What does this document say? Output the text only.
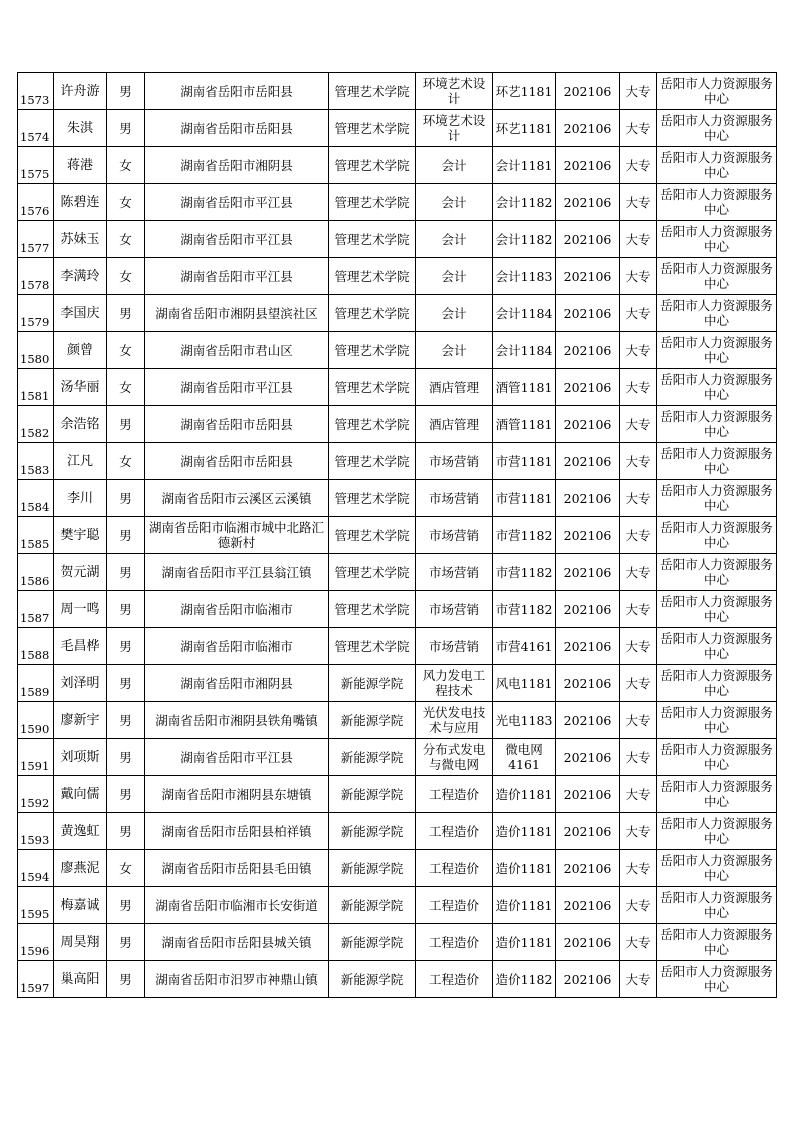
1573	许舟游	男	湖南省岳阳市岳阳县	管理艺术学院	环境艺术设计	环艺1181	202106	大专	岳阳市人力资源服务中心
1574	朱淇	男	湖南省岳阳市岳阳县	管理艺术学院	环境艺术设计	环艺1181	202106	大专	岳阳市人力资源服务中心
1575	蒋港	女	湖南省岳阳市湘阴县	管理艺术学院	会计	会计1181	202106	大专	岳阳市人力资源服务中心
1576	陈碧连	女	湖南省岳阳市平江县	管理艺术学院	会计	会计1182	202106	大专	岳阳市人力资源服务中心
1577	苏妹玉	女	湖南省岳阳市平江县	管理艺术学院	会计	会计1182	202106	大专	岳阳市人力资源服务中心
1578	李满玲	女	湖南省岳阳市平江县	管理艺术学院	会计	会计1183	202106	大专	岳阳市人力资源服务中心
1579	李国庆	男	湖南省岳阳市湘阴县望滨社区	管理艺术学院	会计	会计1184	202106	大专	岳阳市人力资源服务中心
1580	颜曾	女	湖南省岳阳市君山区	管理艺术学院	会计	会计1184	202106	大专	岳阳市人力资源服务中心
1581	汤华丽	女	湖南省岳阳市平江县	管理艺术学院	酒店管理	酒管1181	202106	大专	岳阳市人力资源服务中心
1582	余浩铭	男	湖南省岳阳市岳阳县	管理艺术学院	酒店管理	酒管1181	202106	大专	岳阳市人力资源服务中心
1583	江凡	女	湖南省岳阳市岳阳县	管理艺术学院	市场营销	市营1181	202106	大专	岳阳市人力资源服务中心
1584	李川	男	湖南省岳阳市云溪区云溪镇	管理艺术学院	市场营销	市营1181	202106	大专	岳阳市人力资源服务中心
1585	樊宇聪	男	湖南省岳阳市临湘市城中北路汇德新村	管理艺术学院	市场营销	市营1182	202106	大专	岳阳市人力资源服务中心
1586	贺元湖	男	湖南省岳阳市平江县翁江镇	管理艺术学院	市场营销	市营1182	202106	大专	岳阳市人力资源服务中心
1587	周一鸣	男	湖南省岳阳市临湘市	管理艺术学院	市场营销	市营1182	202106	大专	岳阳市人力资源服务中心
1588	毛昌桦	男	湖南省岳阳市临湘市	管理艺术学院	市场营销	市营4161	202106	大专	岳阳市人力资源服务中心
1589	刘泽明	男	湖南省岳阳市湘阴县	新能源学院	风力发电工程技术	风电1181	202106	大专	岳阳市人力资源服务中心
1590	廖新宇	男	湖南省岳阳市湘阴县铁角嘴镇	新能源学院	光伏发电技术与应用	光电1183	202106	大专	岳阳市人力资源服务中心
1591	刘项斯	男	湖南省岳阳市平江县	新能源学院	分布式发电与微电网	微电网4161	202106	大专	岳阳市人力资源服务中心
1592	戴向儒	男	湖南省岳阳市湘阴县东塘镇	新能源学院	工程造价	造价1181	202106	大专	岳阳市人力资源服务中心
1593	黄逸虹	男	湖南省岳阳市岳阳县柏祥镇	新能源学院	工程造价	造价1181	202106	大专	岳阳市人力资源服务中心
1594	廖燕泥	女	湖南省岳阳市岳阳县毛田镇	新能源学院	工程造价	造价1181	202106	大专	岳阳市人力资源服务中心
1595	梅嘉诚	男	湖南省岳阳市临湘市长安街道	新能源学院	工程造价	造价1181	202106	大专	岳阳市人力资源服务中心
1596	周昊翔	男	湖南省岳阳市岳阳县城关镇	新能源学院	工程造价	造价1181	202106	大专	岳阳市人力资源服务中心
1597	巢高阳	男	湖南省岳阳市汨罗市神鼎山镇	新能源学院	工程造价	造价1182	202106	大专	岳阳市人力资源服务中心
